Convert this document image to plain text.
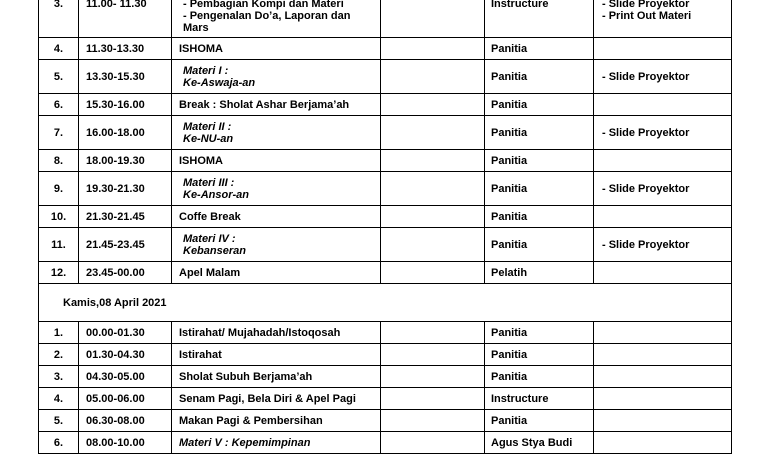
3.	11.00- 11.30	- Pembagian Kompi dan Materi
- Pengenalan Do’a, Laporan dan Mars		Instructure	- Slide Proyektor
- Print Out Materi

4.	11.30-13.30	ISHOMA		Panitia	
5.	13.30-15.30	Materi I :
Ke-Aswaja-an		Panitia	- Slide Proyektor

6.	15.30-16.00	Break : Sholat Ashar Berjama’ah		Panitia	
7.	16.00-18.00	Materi II :
Ke-NU-an		Panitia	- Slide Proyektor

8.	18.00-19.30	ISHOMA		Panitia	
9.	19.30-21.30	Materi III :
Ke-Ansor-an		Panitia	- Slide Proyektor

10.	21.30-21.45	Coffe Break		Panitia	
11.	21.45-23.45	Materi IV :
Kebanseran		Panitia	- Slide Proyektor

12.	23.45-00.00	Apel Malam		Pelatih	
Kamis,08 April 2021					
1.	00.00-01.30	Istirahat/ Mujahadah/Istoqosah		Panitia	
2.	01.30-04.30	Istirahat		Panitia	
3.	04.30-05.00	Sholat Subuh Berjama’ah		Panitia	
4.	05.00-06.00	Senam Pagi, Bela Diri & Apel Pagi		Instructure	
5.	06.30-08.00	Makan Pagi & Pembersihan		Panitia	
6.	08.00-10.00	Materi V : Kepemimpinan		Agus Stya Budi	
